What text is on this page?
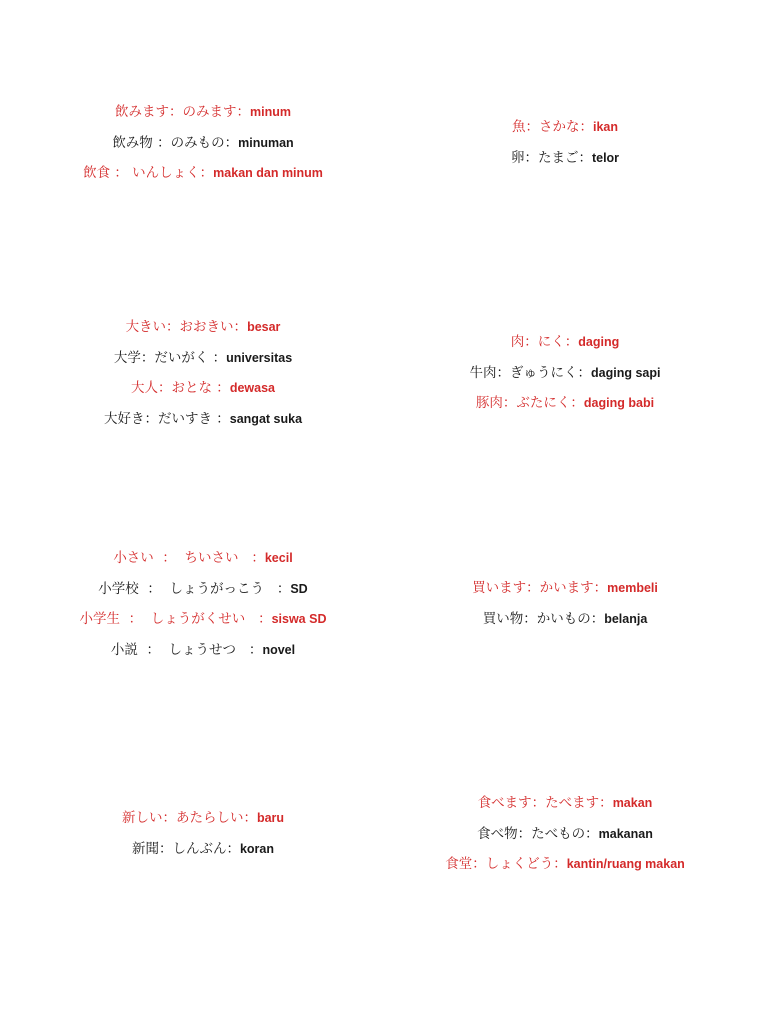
飲みます：のみます：minum
飲み物 ：のみもの：minuman
飲食 ： いんしょく：makan dan minum
魚：さかな：ikan
卵：たまご：telor
大きい：おおきい：besar
大学：だいがく ：universitas
大人：おとな ：dewasa
大好き：だいすき ：sangat suka
肉：にく：daging
牛肉：ぎゅうにく：daging sapi
豚肉：ぶたにく：daging babi
小さい  ：  ちいさい   ：kecil
小学校  ：  しょうがっこう   ：SD
小学生  ：  しょうがくせい   ：siswa SD
小説  ：  しょうせつ   ：novel
買います：かいます：membeli
買い物：かいもの：belanja
新しい：あたらしい：baru
新聞：しんぶん：koran
食べます：たべます：makan
食べ物：たべもの：makanan
食堂：しょくどう：kantin/ruang makan
